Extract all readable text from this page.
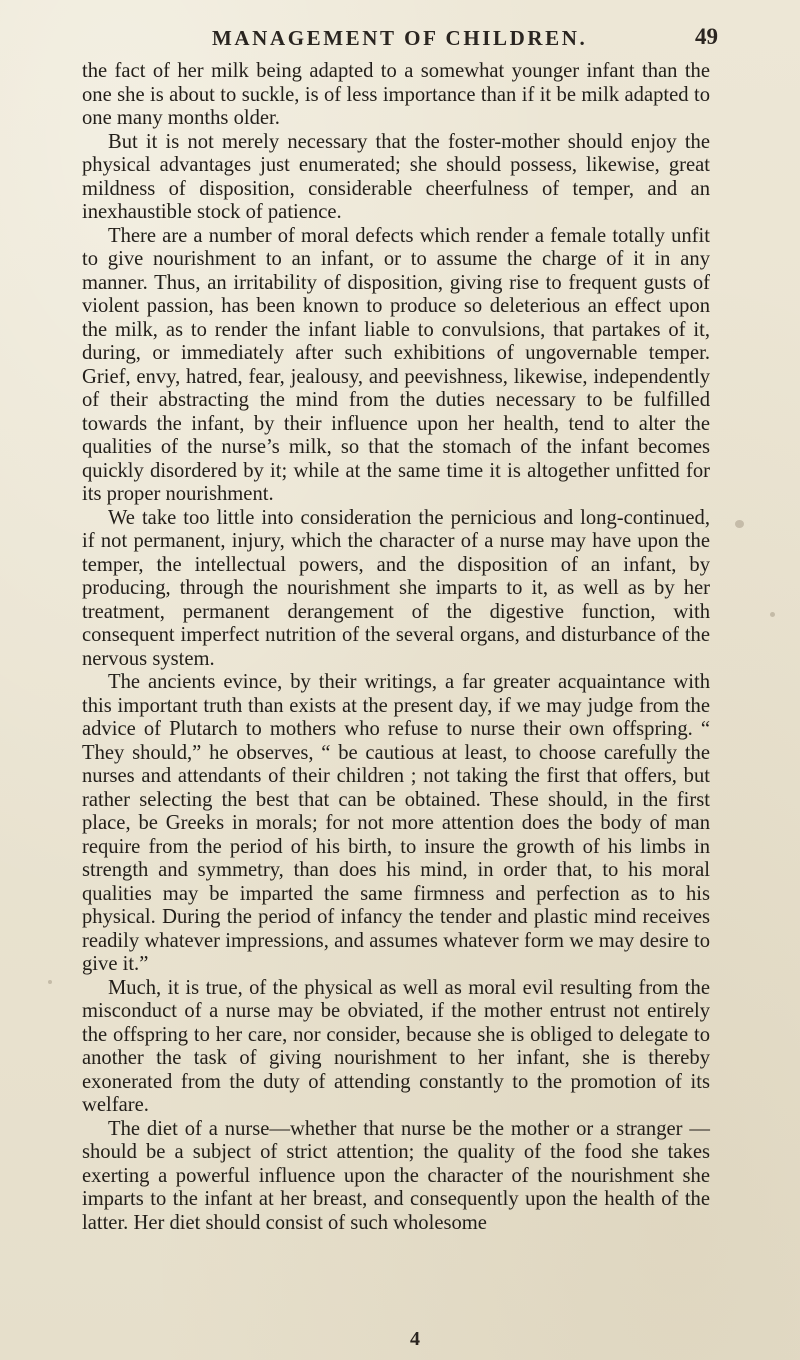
MANAGEMENT OF CHILDREN.	49

the fact of her milk being adapted to a somewhat younger infant than the one she is about to suckle, is of less importance than if it be milk adapted to one many months older.

But it is not merely necessary that the foster-mother should enjoy the physical advantages just enumerated; she should possess, likewise, great mildness of disposition, considerable cheerfulness of temper, and an inexhaustible stock of patience.

There are a number of moral defects which render a female totally unfit to give nourishment to an infant, or to assume the charge of it in any manner. Thus, an irritability of disposition, giving rise to frequent gusts of violent passion, has been known to produce so deleterious an effect upon the milk, as to render the infant liable to convulsions, that partakes of it, during, or immediately after such exhibitions of ungovernable temper. Grief, envy, hatred, fear, jealousy, and peevishness, likewise, independently of their abstracting the mind from the duties necessary to be fulfilled towards the infant, by their influence upon her health, tend to alter the qualities of the nurse’s milk, so that the stomach of the infant becomes quickly disordered by it; while at the same time it is altogether unfitted for its proper nourishment.

We take too little into consideration the pernicious and long-continued, if not permanent, injury, which the character of a nurse may have upon the temper, the intellectual powers, and the disposition of an infant, by producing, through the nourishment she imparts to it, as well as by her treatment, permanent derangement of the digestive function, with consequent imperfect nutrition of the several organs, and disturbance of the nervous system.

The ancients evince, by their writings, a far greater acquaintance with this important truth than exists at the present day, if we may judge from the advice of Plutarch to mothers who refuse to nurse their own offspring. “ They should,” he observes, “ be cautious at least, to choose carefully the nurses and attendants of their children ; not taking the first that offers, but rather selecting the best that can be obtained. These should, in the first place, be Greeks in morals; for not more attention does the body of man require from the period of his birth, to insure the growth of his limbs in strength and symmetry, than does his mind, in order that, to his moral qualities may be imparted the same firmness and perfection as to his physical. During the period of infancy the tender and plastic mind receives readily whatever impressions, and assumes whatever form we may desire to give it.”

Much, it is true, of the physical as well as moral evil resulting from the misconduct of a nurse may be obviated, if the mother entrust not entirely the offspring to her care, nor consider, because she is obliged to delegate to another the task of giving nourishment to her infant, she is thereby exonerated from the duty of attending constantly to the promotion of its welfare.

The diet of a nurse—whether that nurse be the mother or a stranger —should be a subject of strict attention; the quality of the food she takes exerting a powerful influence upon the character of the nourishment she imparts to the infant at her breast, and consequently upon the health of the latter. Her diet should consist of such wholesome

4
